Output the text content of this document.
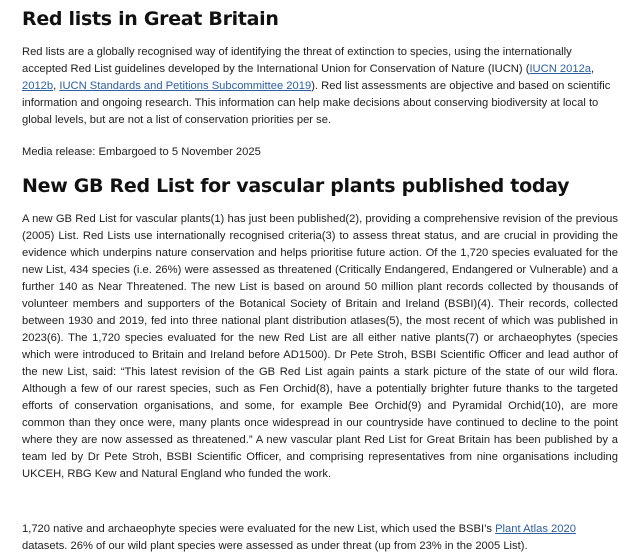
Red lists in Great Britain

Red lists are a globally recognised way of identifying the threat of extinction to species, using the internationally accepted Red List guidelines developed by the International Union for Conservation of Nature (IUCN) (IUCN 2012a, 2012b, IUCN Standards and Petitions Subcommittee 2019). Red list assessments are objective and based on scientific information and ongoing research. This information can help make decisions about conserving biodiversity at local to global levels, but are not a list of conservation priorities per se.

Media release: Embargoed to 5 November 2025

New GB Red List for vascular plants published today

A new GB Red List for vascular plants(1) has just been published(2), providing a comprehensive revision of the previous (2005) List. Red Lists use internationally recognised criteria(3) to assess threat status, and are crucial in providing the evidence which underpins nature conservation and helps prioritise future action. Of the 1,720 species evaluated for the new List, 434 species (i.e. 26%) were assessed as threatened (Critically Endangered, Endangered or Vulnerable) and a further 140 as Near Threatened. The new List is based on around 50 million plant records collected by thousands of volunteer members and supporters of the Botanical Society of Britain and Ireland (BSBI)(4). Their records, collected between 1930 and 2019, fed into three national plant distribution atlases(5), the most recent of which was published in 2023(6). The 1,720 species evaluated for the new Red List are all either native plants(7) or archaeophytes (species which were introduced to Britain and Ireland before AD1500). Dr Pete Stroh, BSBI Scientific Officer and lead author of the new List, said: “This latest revision of the GB Red List again paints a stark picture of the state of our wild flora. Although a few of our rarest species, such as Fen Orchid(8), have a potentially brighter future thanks to the targeted efforts of conservation organisations, and some, for example Bee Orchid(9) and Pyramidal Orchid(10), are more common than they once were, many plants once widespread in our countryside have continued to decline to the point where they are now assessed as threatened.” A new vascular plant Red List for Great Britain has been published by a team led by Dr Pete Stroh, BSBI Scientific Officer, and comprising representatives from nine organisations including UKCEH, RBG Kew and Natural England who funded the work.

1,720 native and archaeophyte species were evaluated for the new List, which used the BSBI’s Plant Atlas 2020 datasets. 26% of our wild plant species were assessed as under threat (up from 23% in the 2005 List).
